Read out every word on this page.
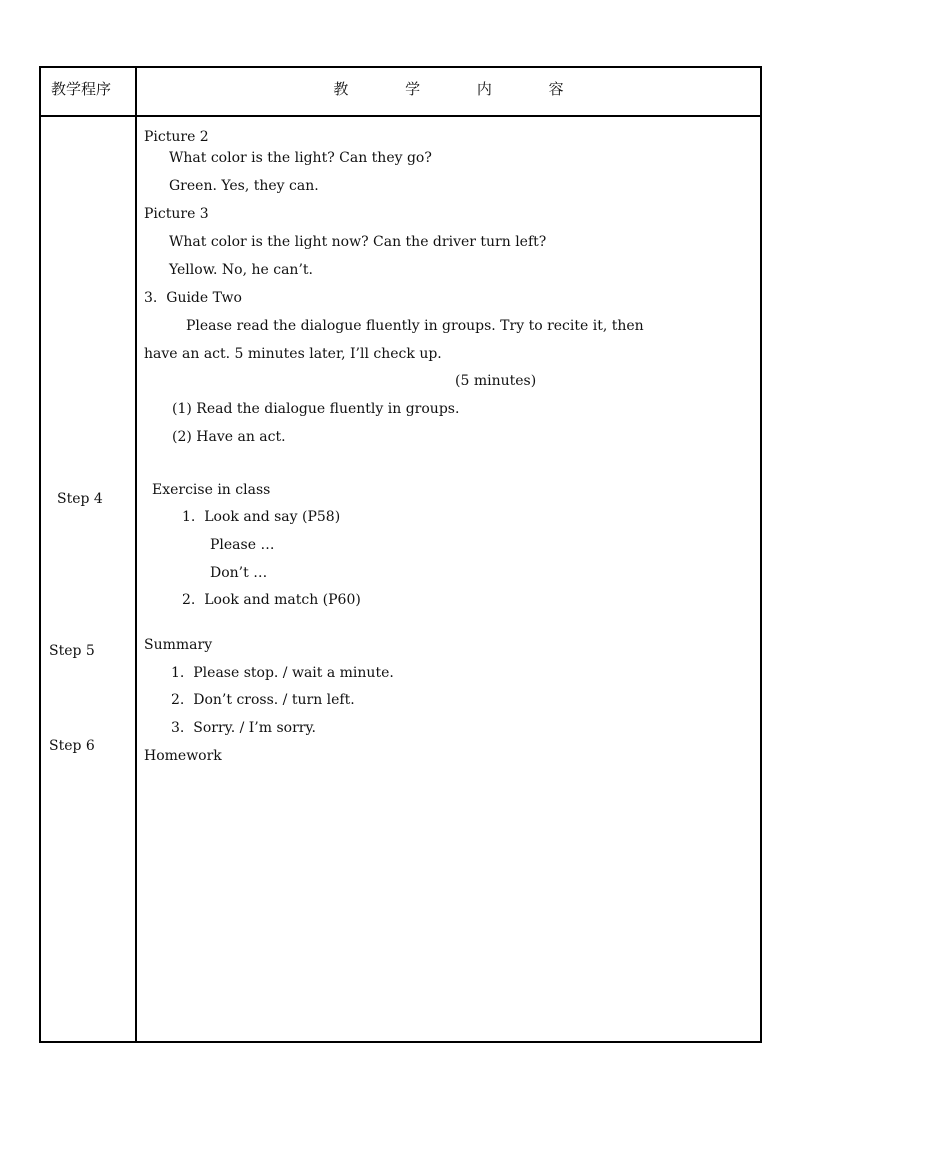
教学程序	教 学 内 容
Step 4
Step 5
Step 6
Picture 2
What color is the light? Can they go?
Green. Yes, they can.
Picture 3
What color is the light now? Can the driver turn left?
Yellow. No, he can’t.
3.  Guide Two
Please read the dialogue fluently in groups. Try to recite it, then
have an act. 5 minutes later, I’ll check up.
(5 minutes)
(1) Read the dialogue fluently in groups.
(2) Have an act.
Exercise in class
1.  Look and say (P58)
Please …
Don’t …
2.  Look and match (P60)
Summary
1.  Please stop. / wait a minute.
2.  Don’t cross. / turn left.
3.  Sorry. / I’m sorry.
Homework
